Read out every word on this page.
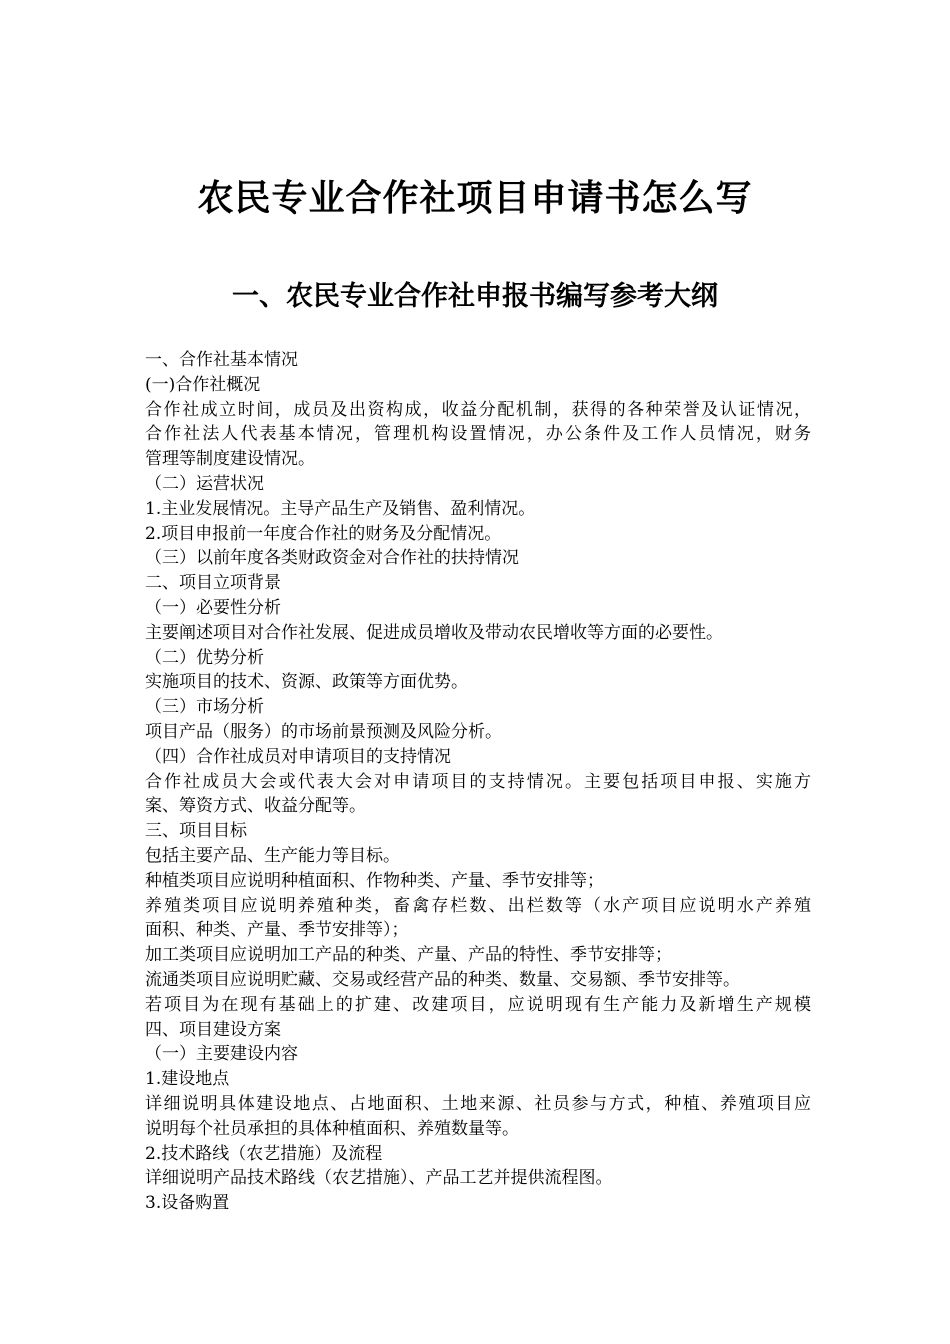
农民专业合作社项目申请书怎么写
一、农民专业合作社申报书编写参考大纲
一、合作社基本情况
(一)合作社概况
合作社成立时间，成员及出资构成，收益分配机制，获得的各种荣誉及认证情况，
合作社法人代表基本情况，管理机构设置情况，办公条件及工作人员情况，财务
管理等制度建设情况。
（二）运营状况
1.主业发展情况。主导产品生产及销售、盈利情况。
2.项目申报前一年度合作社的财务及分配情况。
（三）以前年度各类财政资金对合作社的扶持情况
二、项目立项背景
（一）必要性分析
主要阐述项目对合作社发展、促进成员增收及带动农民增收等方面的必要性。
（二）优势分析
实施项目的技术、资源、政策等方面优势。
（三）市场分析
项目产品（服务）的市场前景预测及风险分析。
（四）合作社成员对申请项目的支持情况
合作社成员大会或代表大会对申请项目的支持情况。主要包括项目申报、实施方
案、筹资方式、收益分配等。
三、项目目标
包括主要产品、生产能力等目标。
种植类项目应说明种植面积、作物种类、产量、季节安排等；
养殖类项目应说明养殖种类，畜禽存栏数、出栏数等（水产项目应说明水产养殖
面积、种类、产量、季节安排等）；
加工类项目应说明加工产品的种类、产量、产品的特性、季节安排等；
流通类项目应说明贮藏、交易或经营产品的种类、数量、交易额、季节安排等。
若项目为在现有基础上的扩建、改建项目，应说明现有生产能力及新增生产规模
四、项目建设方案
（一）主要建设内容
1.建设地点
详细说明具体建设地点、占地面积、土地来源、社员参与方式，种植、养殖项目应
说明每个社员承担的具体种植面积、养殖数量等。
2.技术路线（农艺措施）及流程
详细说明产品技术路线（农艺措施）、产品工艺并提供流程图。
3.设备购置
